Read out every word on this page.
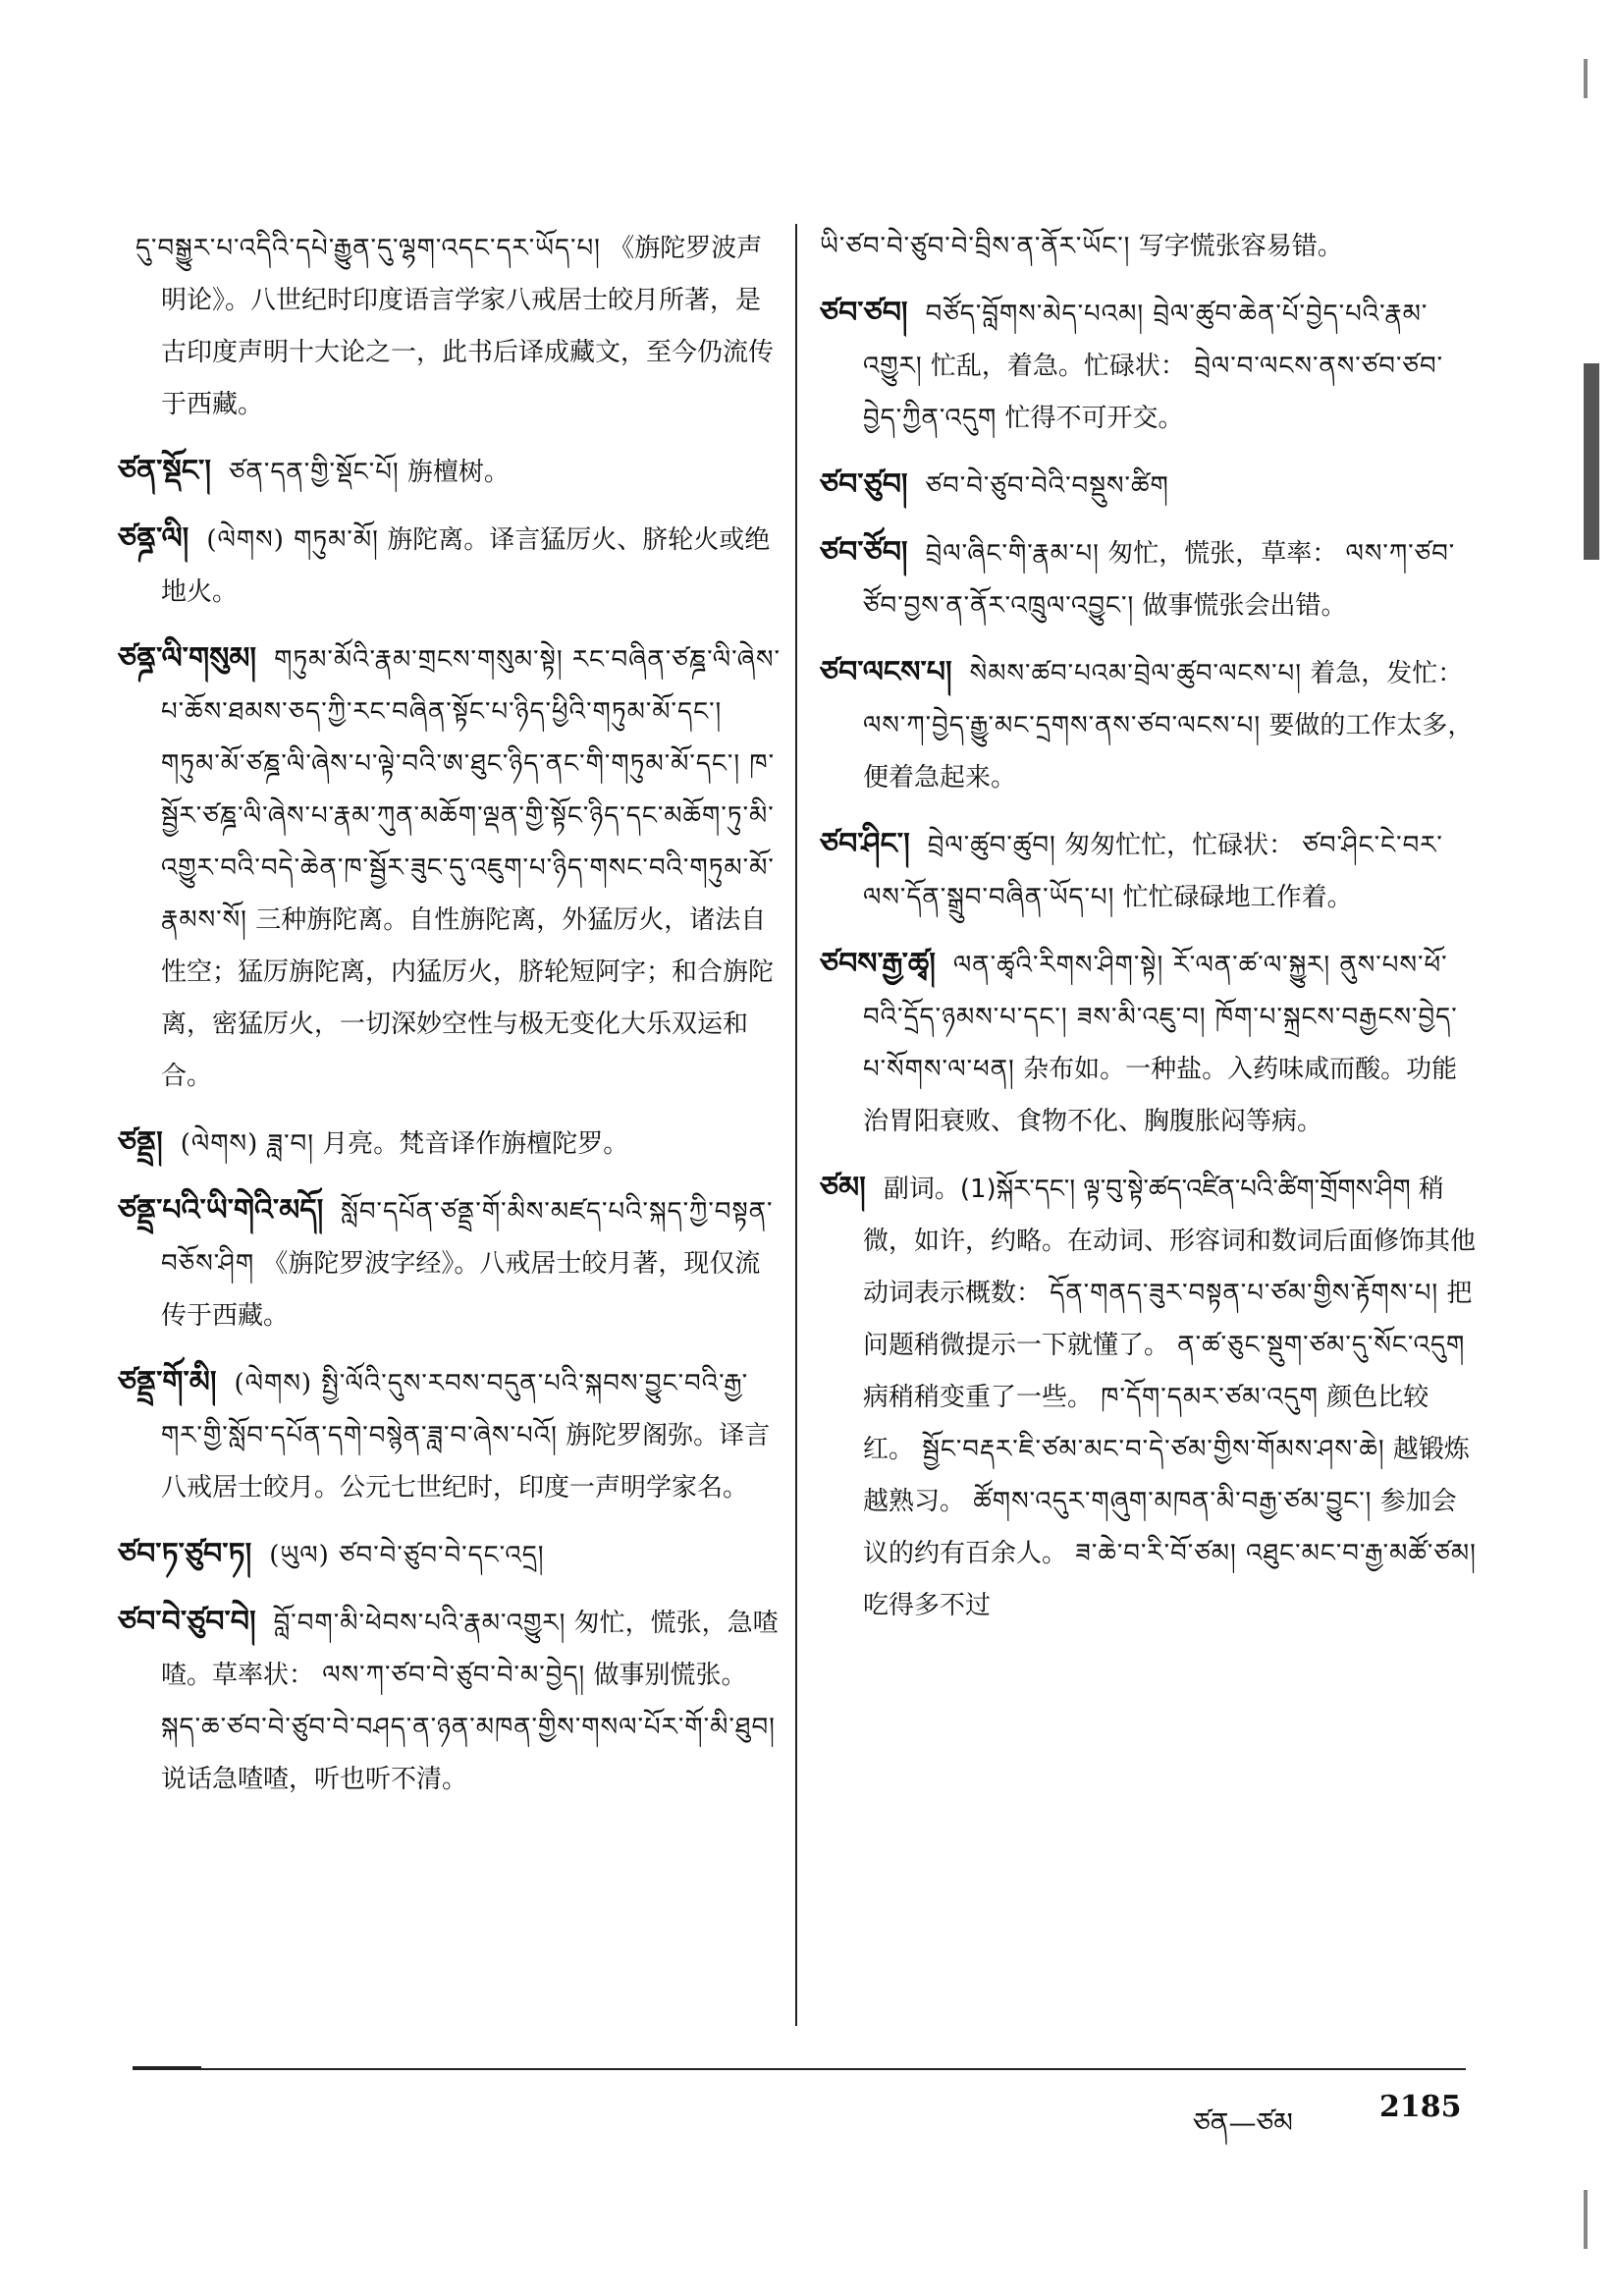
དུ་བསྒྱུར་པ་འདིའི་དཔེ་རྒྱུན་དུ་ལྷག་འདང་དར་ཡོད་པ། 《旃陀罗波声明论》。八世纪时印度语言学家八戒居士皎月所著，是古印度声明十大论之一，此书后译成藏文，至今仍流传于西藏。
ཙན་སྡོང་། ཙན་དན་གྱི་སྡོང་པོ། 旃檀树。
ཙནྜ་ལི། (ལེགས) གཏུམ་མོ། 旃陀离。译言猛厉火、脐轮火或绝地火。
ཙནྜ་ལི་གསུམ། གཏུམ་མོའི་རྣམ་གྲངས་གསུམ་སྟེ། རང་བཞིན་ཙཎྜ་ལི་ཞེས་པ་ཆོས་ཐམས་ཅད་ཀྱི་རང་བཞིན་སྟོང་པ་ཉིད་ཕྱིའི་གཏུམ་མོ་དང་། གཏུམ་མོ་ཙཎྜ་ལི་ཞེས་པ་ལྟེ་བའི་ཨ་ཐུང་ཉིད་ནང་གི་གཏུམ་མོ་དང་། ཁ་སྦྱོར་ཙཎྜ་ལི་ཞེས་པ་རྣམ་ཀུན་མཆོག་ལྡན་གྱི་སྟོང་ཉིད་དང་མཆོག་ཏུ་མི་འགྱུར་བའི་བདེ་ཆེན་ཁ་སྦྱོར་ཟུང་དུ་འཇུག་པ་ཉིད་གསང་བའི་གཏུམ་མོ་རྣམས་སོ། 三种旃陀离。自性旃陀离，外猛厉火，诸法自性空；猛厉旃陀离，内猛厉火，脐轮短阿字；和合旃陀离，密猛厉火，一切深妙空性与极无变化大乐双运和合。
ཙནྡྲ། (ལེགས) ཟླ་བ། 月亮。梵音译作旃檀陀罗。
ཙནྡྲ་པའི་ཡི་གེའི་མདོ། སློབ་དཔོན་ཙནྡྲ་གོ་མིས་མཛད་པའི་སྐད་ཀྱི་བསྟན་བཅོས་ཤིག 《旃陀罗波字经》。八戒居士皎月著，现仅流传于西藏。
ཙནྡྲ་གོ་མི། (ལེགས) སྤྱི་ལོའི་དུས་རབས་བདུན་པའི་སྐབས་བྱུང་བའི་རྒྱ་གར་གྱི་སློབ་དཔོན་དགེ་བསྙེན་ཟླ་བ་ཞེས་པའོ། 旃陀罗阁弥。译言八戒居士皎月。公元七世纪时，印度一声明学家名。
ཙབ་ཏ་ཙུབ་ཏ། (ཡུལ) ཙབ་བེ་ཙུབ་བེ་དང་འདྲ།
ཙབ་བེ་ཙུབ་བེ། བློ་བག་མི་ཕེབས་པའི་རྣམ་འགྱུར། 匆忙，慌张，急喳喳。草率状： ལས་ཀ་ཙབ་བེ་ཙུབ་བེ་མ་བྱེད། 做事别慌张。 སྐད་ཆ་ཙབ་བེ་ཙུབ་བེ་བཤད་ན་ཉན་མཁན་གྱིས་གསལ་པོར་གོ་མི་ཐུབ། 说话急喳喳，听也听不清。
ཡི་ཙབ་བེ་ཙུབ་བེ་བྲིས་ན་ནོར་ཡོང་། 写字慌张容易错。
ཙབ་ཙབ། བཙོད་བློགས་མེད་པའམ། བྲེལ་ཚུབ་ཆེན་པོ་བྱེད་པའི་རྣམ་འགྱུར། 忙乱，着急。忙碌状： བྲེལ་བ་ལངས་ནས་ཙབ་ཙབ་བྱེད་ཀྱིན་འདུག 忙得不可开交。
ཙབ་ཙུབ། ཙབ་བེ་ཙུབ་བེའི་བསྡུས་ཚིག
ཙབ་ཙོབ། བྲེལ་ཞིང་གི་རྣམ་པ། 匆忙，慌张，草率： ལས་ཀ་ཙབ་ཙོབ་བྱས་ན་ནོར་འཁྲུལ་འབྱུང་། 做事慌张会出错。
ཙབ་ལངས་པ། སེམས་ཚབ་པའམ་བྲེལ་ཚུབ་ལངས་པ། 着急，发忙： ལས་ཀ་བྱེད་རྒྱུ་མང་དྲགས་ནས་ཙབ་ལངས་པ། 要做的工作太多，便着急起来。
ཙབ་ཤིང་། བྲེལ་ཚུབ་ཚུབ། 匆匆忙忙，忙碌状： ཙབ་ཤིང་ངེ་བར་ལས་དོན་སྒྲུབ་བཞིན་ཡོད་པ། 忙忙碌碌地工作着。
ཙབས་རྒྱ་ཚྭ། ལན་ཚྭའི་རིགས་ཤིག་སྟེ། རོ་ལན་ཚ་ལ་སྐྱུར། ནུས་པས་ཕོ་བའི་དྲོད་ཉམས་པ་དང་། ཟས་མི་འཇུ་བ། ཁོག་པ་སྐྲངས་བརྒྱངས་བྱེད་པ་སོགས་ལ་ཕན། 杂布如。一种盐。入药味咸而酸。功能治胃阳衰败、食物不化、胸腹胀闷等病。
ཙམ། 副词。(1)སྐོར་དང་། ལྟ་བུ་སྟེ་ཚད་འཛིན་པའི་ཚིག་གྲོགས་ཤིག 稍微，如许，约略。在动词、形容词和数词后面修饰其他动词表示概数： དོན་གནད་ཟུར་བསྟན་པ་ཙམ་གྱིས་རྟོགས་པ། 把问题稍微提示一下就懂了。 ན་ཚ་ཅུང་སྡུག་ཙམ་དུ་སོང་འདུག 病稍稍变重了一些。 ཁ་དོག་དམར་ཙམ་འདུག 颜色比较红。 སྦྱོང་བརྡར་ཇི་ཙམ་མང་བ་དེ་ཙམ་གྱིས་གོམས་ཤས་ཆེ། 越锻炼越熟习。 ཚོགས་འདུར་གཞུག་མཁན་མི་བརྒྱ་ཙམ་བྱུང་། 参加会议的约有百余人。 ཟ་ཆེ་བ་རི་བོ་ཙམ། འཐུང་མང་བ་རྒྱ་མཚོ་ཙམ། 吃得多不过
ཙན—ཙམ	2185
